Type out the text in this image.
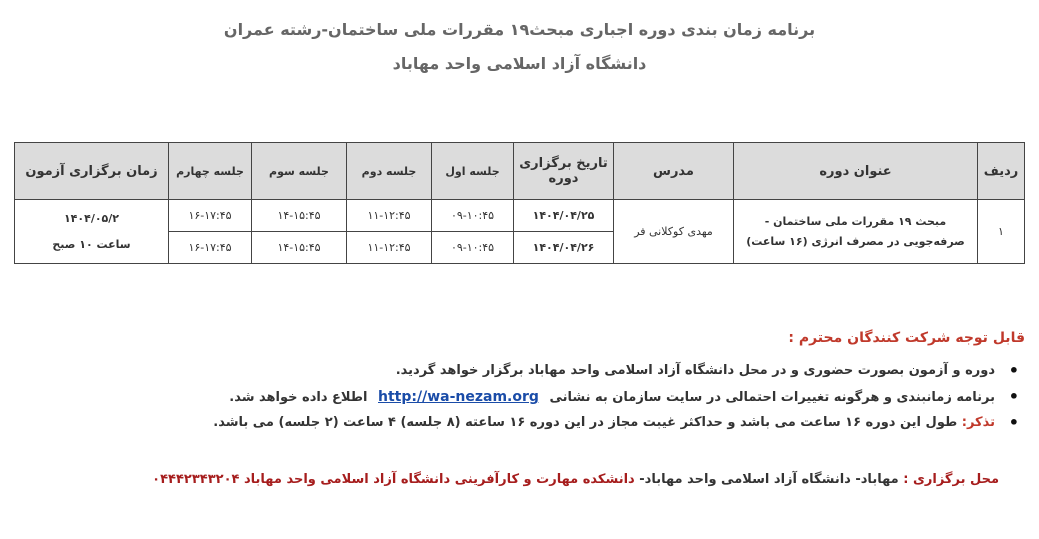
برنامه زمان بندی دوره اجباری مبحث۱۹ مقررات ملی ساختمان-رشته عمران
دانشگاه آزاد اسلامی واحد مهاباد
ردیف	عنوان دوره	مدرس	تاریخ برگزاری دوره	جلسه اول	جلسه دوم	جلسه سوم	جلسه چهارم	زمان برگزاری آزمون
۱	مبحث ۱۹ مقررات ملی ساختمان - صرفه‌جویی در مصرف انرژی (۱۶ ساعت)	مهدی کوکلانی فر	۱۴۰۴/۰۴/۲۵	۰۹-۱۰:۴۵	۱۱-۱۲:۴۵	۱۴-۱۵:۴۵	۱۶-۱۷:۴۵	۱۴۰۴/۰۵/۲
ساعت ۱۰ صبح

			۱۴۰۴/۰۴/۲۶	۰۹-۱۰:۴۵	۱۱-۱۲:۴۵	۱۴-۱۵:۴۵	۱۶-۱۷:۴۵	
قابل توجه شرکت کنندگان محترم :
• دوره و آزمون بصورت حضوری و در محل دانشگاه آزاد اسلامی واحد مهاباد برگزار خواهد گردید.
• برنامه زمانبندی و هرگونه تغییرات احتمالی در سایت سازمان به نشانی http://wa-nezam.org اطلاع داده خواهد شد.
• تذکر: طول این دوره ۱۶ ساعت می باشد و حداکثر غیبت مجاز در این دوره ۱۶ ساعته (۸ جلسه) ۴ ساعت (۲ جلسه) می باشد.
محل برگزاری : مهاباد- دانشگاه آزاد اسلامی واحد مهاباد- دانشکده مهارت و کارآفرینی دانشگاه آزاد اسلامی واحد مهاباد ۰۴۴۴۲۳۴۳۲۰۴
